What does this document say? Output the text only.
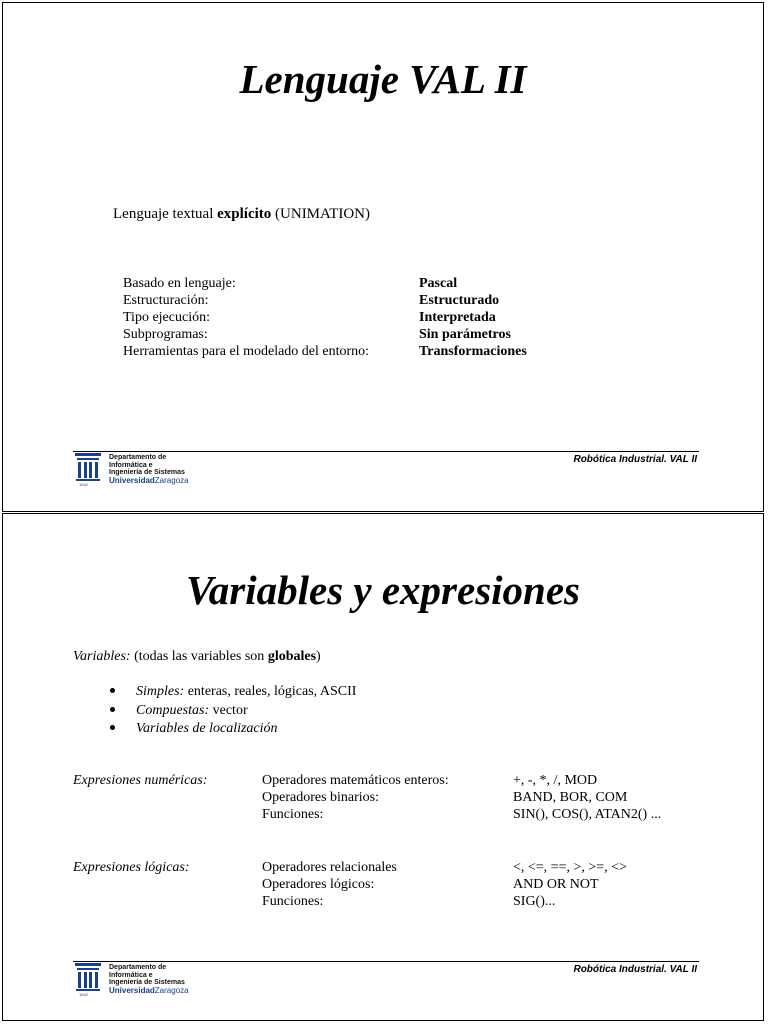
Lenguaje VAL II
Lenguaje textual explícito (UNIMATION)
Basado en lenguaje:
Estructuración:
Tipo ejecución:
Subprogramas:
Herramientas para el modelado del entorno:
Pascal
Estructurado
Interpretada
Sin parámetros
Transformaciones
Robótica Industrial. VAL II
1542
Departamento de
Informática e
Ingeniería de Sistemas
UniversidadZaragoza
Variables y expresiones
Variables: (todas las variables son globales)
Simples: enteras, reales, lógicas, ASCII
Compuestas: vector
Variables de localización
Expresiones numéricas:	Operadores matemáticos enteros:
Operadores binarios:
Funciones:
+, -, *, /, MOD
BAND, BOR, COM
SIN(), COS(), ATAN2() ...
Expresiones lógicas:	Operadores relacionales
Operadores lógicos:
Funciones:
<, <=, ==, >, >=, <>
AND OR NOT
SIG()...
Robótica Industrial. VAL II
1542
Departamento de
Informática e
Ingeniería de Sistemas
UniversidadZaragoza
